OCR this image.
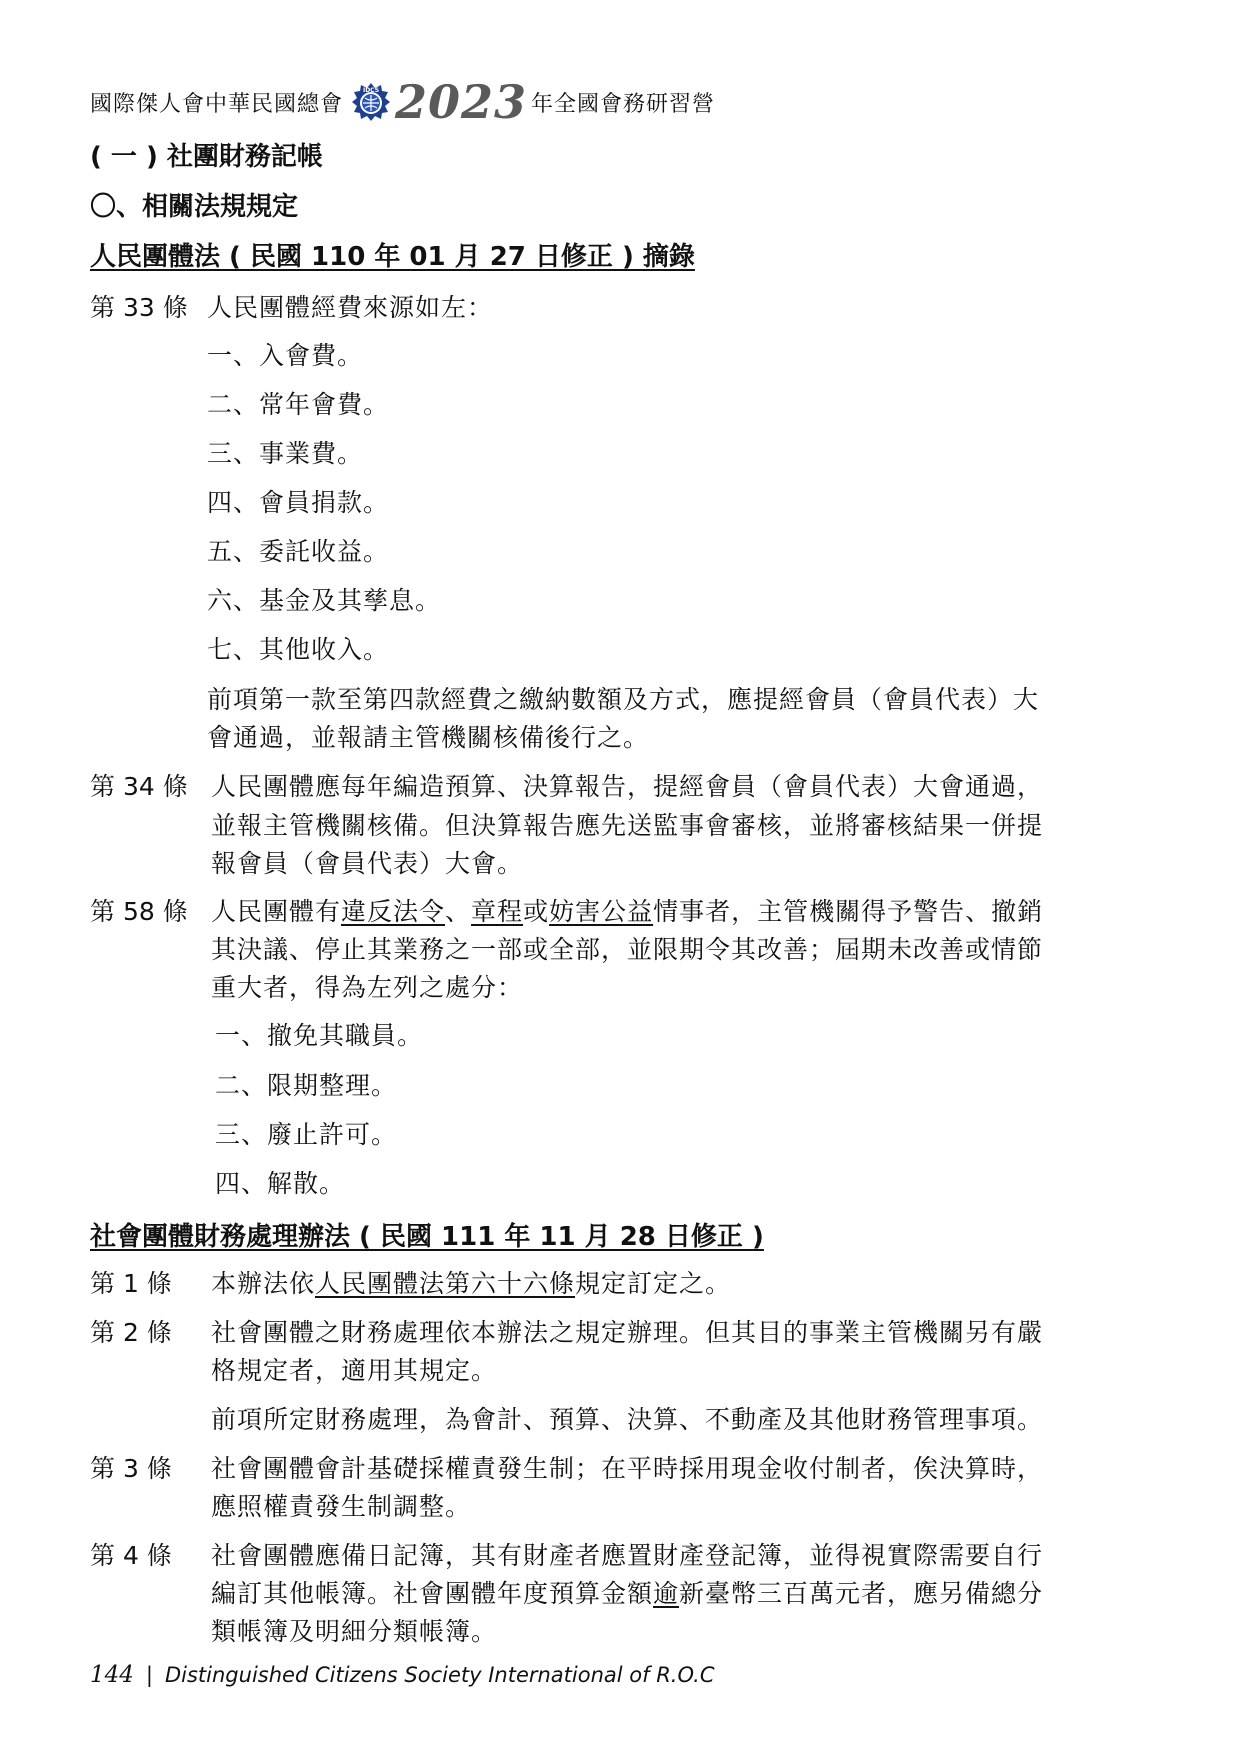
國際傑人會中華民國總會
IDCS 2023 年全國會務研習營
( 一 ) 社團財務記帳
〇、相關法規規定
人民團體法 ( 民國 110 年 01 月 27 日修正 ) 摘錄
第 33 條 人民團體經費來源如左：
一、入會費。
二、常年會費。
三、事業費。
四、會員捐款。
五、委託收益。
六、基金及其孳息。
七、其他收入。
前項第一款至第四款經費之繳納數額及方式，應提經會員（會員代表）大
會通過，並報請主管機關核備後行之。
第 34 條 人民團體應每年編造預算、決算報告，提經會員（會員代表）大會通過，
並報主管機關核備。但決算報告應先送監事會審核，並將審核結果一併提
報會員（會員代表）大會。
第 58 條 人民團體有違反法令、章程或妨害公益情事者，主管機關得予警告、撤銷
其決議、停止其業務之一部或全部，並限期令其改善；屆期未改善或情節
重大者，得為左列之處分：
一、撤免其職員。
二、限期整理。
三、廢止許可。
四、解散。
社會團體財務處理辦法 ( 民國 111 年 11 月 28 日修正 )
第 1 條 本辦法依人民團體法第六十六條規定訂定之。
第 2 條 社會團體之財務處理依本辦法之規定辦理。但其目的事業主管機關另有嚴
格規定者，適用其規定。
前項所定財務處理，為會計、預算、決算、不動產及其他財務管理事項。
第 3 條 社會團體會計基礎採權責發生制；在平時採用現金收付制者，俟決算時，
應照權責發生制調整。
第 4 條 社會團體應備日記簿，其有財產者應置財產登記簿，並得視實際需要自行
編訂其他帳簿。社會團體年度預算金額逾新臺幣三百萬元者，應另備總分
類帳簿及明細分類帳簿。
144 | Distinguished Citizens Society International of R.O.C
